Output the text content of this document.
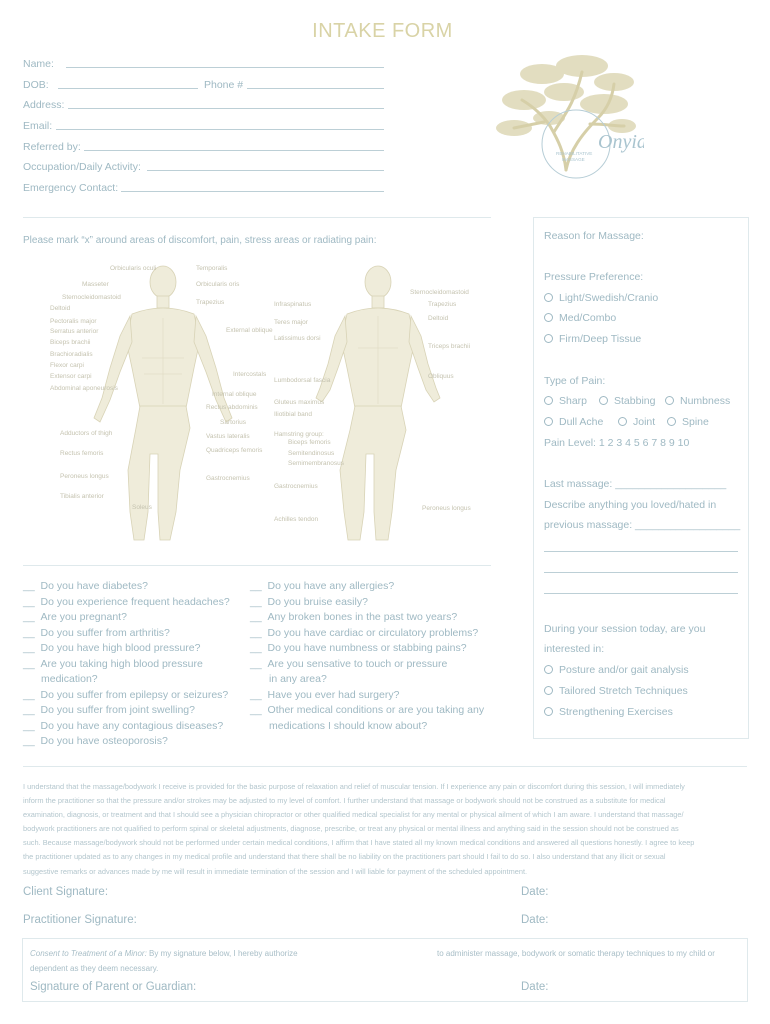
INTAKE FORM
Name:
DOB:	Phone #
Address:
Email:
Referred by:
Occupation/Daily Activity:
Emergency Contact:
Onyia
REHABILITATIVE
MASSAGE
Please mark “x” around areas of discomfort, pain, stress areas or radiating pain:
Orbicularis oculi
Masseter
Sternocleidomastoid
Deltoid
Pectoralis major
Serratus anterior
Biceps brachii
Brachioradialis
Flexor carpi
Extensor carpi
Abdominal aponeurosis
Adductors of thigh
Rectus femoris
Peroneus longus
Tibialis anterior
Soleus
Temporalis
Orbicularis oris
Trapezius
External oblique
Intercostals
Internal oblique
Rectus abdominis
Sartorius
Vastus lateralis
Quadriceps femoris
Gastrocnemius
Sternocleidomastoid
Infraspinatus	Trapezius
Teres major
Deltoid
Latissimus dorsi
Triceps brachii
Lumbodorsal fascia
Gluteus maximus
Obliquus
Iliotibial band
Hamstring group:
Biceps femoris
Semitendinosus
Semimembranosus
Gastrocnemius
Peroneus longus
Achilles tendon
__ Do you have diabetes?
__ Do you experience frequent headaches?
__ Are you pregnant?
__ Do you suffer from arthritis?
__ Do you have high blood pressure?
__ Are you taking high blood pressure
medication?
__ Do you suffer from epilepsy or seizures?
__ Do you suffer from joint swelling?
__ Do you have any contagious diseases?
__ Do you have osteoporosis?
__ Do you have any allergies?
__ Do you bruise easily?
__ Any broken bones in the past two years?
__ Do you have cardiac or circulatory problems?
__ Do you have numbness or stabbing pains?
__ Are you sensative to touch or pressure
in any area?
__ Have you ever had surgery?
__ Other medical conditions or are you taking any
medications I should know about?
Reason for Massage:
Pressure Preference:
Light/Swedish/Cranio
Med/Combo
Firm/Deep Tissue
Type of Pain:
Sharp	Stabbing	Numbness
Dull Ache	Joint	Spine
Pain Level: 1 2 3 4 5 6 7 8 9 10
Last massage: ___________________
Describe anything you loved/hated in
previous massage: __________________
During your session today, are you
interested in:
Posture and/or gait analysis
Tailored Stretch Techniques
Strengthening Exercises
I understand that the massage/bodywork I receive is provided for the basic purpose of relaxation and relief of muscular tension. If I experience any pain or discomfort during this session, I will immediately
inform the practitioner so that the pressure and/or strokes may be adjusted to my level of comfort. I further understand that massage or bodywork should not be construed as a substitute for medical
examination, diagnosis, or treatment and that I should see a physician chiropractor or other qualified medical specialist for any mental or physical ailment of which I am aware. I understand that massage/
bodywork practitioners are not qualified to perform spinal or skeletal adjustments, diagnose, prescribe, or treat any physical or mental illness and anything said in the session should not be construed as
such. Because massage/bodywork should not be performed under certain medical conditions, I affirm that I have stated all my known medical conditions and answered all questions honestly. I agree to keep
the practitioner updated as to any changes in my medical profile and understand that there shall be no liability on the practitioners part should I fail to do so. I also understand that any illicit or sexual
suggestive remarks or advances made by me will result in immediate termination of the session and I will liable for payment of the scheduled appointment.
Client Signature:	Date:
Practitioner Signature:	Date:
Consent to Treatment of a Minor: By my signature below, I hereby authorize	to administer massage, bodywork or somatic therapy techniques to my child or
dependent as they deem necessary.
Signature of Parent or Guardian:	Date:
